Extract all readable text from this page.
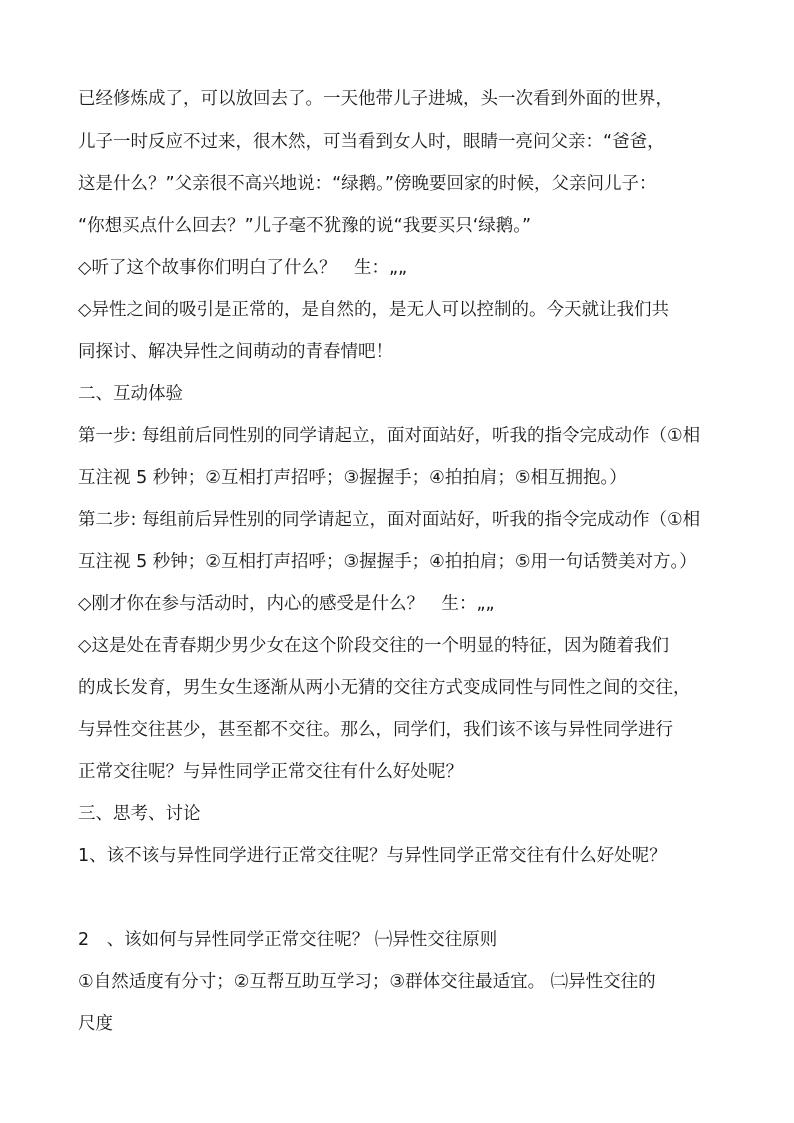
已经修炼成了，可以放回去了。一天他带儿子进城，头一次看到外面的世界，

儿子一时反应不过来，很木然，可当看到女人时，眼睛一亮问父亲：“爸爸，

这是什么？”父亲很不高兴地说：“绿鹅。”傍晚要回家的时候，父亲问儿子：

“你想买点什么回去？”儿子毫不犹豫的说“我要买只‘绿鹅。”

◇听了这个故事你们明白了什么？　生：„„

◇异性之间的吸引是正常的，是自然的，是无人可以控制的。今天就让我们共

同探讨、解决异性之间萌动的青春情吧！

二、互动体验

第一步: 每组前后同性别的同学请起立，面对面站好，听我的指令完成动作（①相

互注视 5 秒钟；②互相打声招呼；③握握手；④拍拍肩；⑤相互拥抱。）

第二步: 每组前后异性别的同学请起立，面对面站好，听我的指令完成动作（①相

互注视 5 秒钟；②互相打声招呼；③握握手；④拍拍肩；⑤用一句话赞美对方。）

◇刚才你在参与活动时，内心的感受是什么？　生：„„

◇这是处在青春期少男少女在这个阶段交往的一个明显的特征，因为随着我们

的成长发育，男生女生逐渐从两小无猜的交往方式变成同性与同性之间的交往，

与异性交往甚少，甚至都不交往。那么，同学们，我们该不该与异性同学进行

正常交往呢？与异性同学正常交往有什么好处呢？

三、思考、讨论

1、该不该与异性同学进行正常交往呢？与异性同学正常交往有什么好处呢？

2　、该如何与异性同学正常交往呢？ ㈠异性交往原则

①自然适度有分寸；②互帮互助互学习；③群体交往最适宜。 ㈡异性交往的

尺度
